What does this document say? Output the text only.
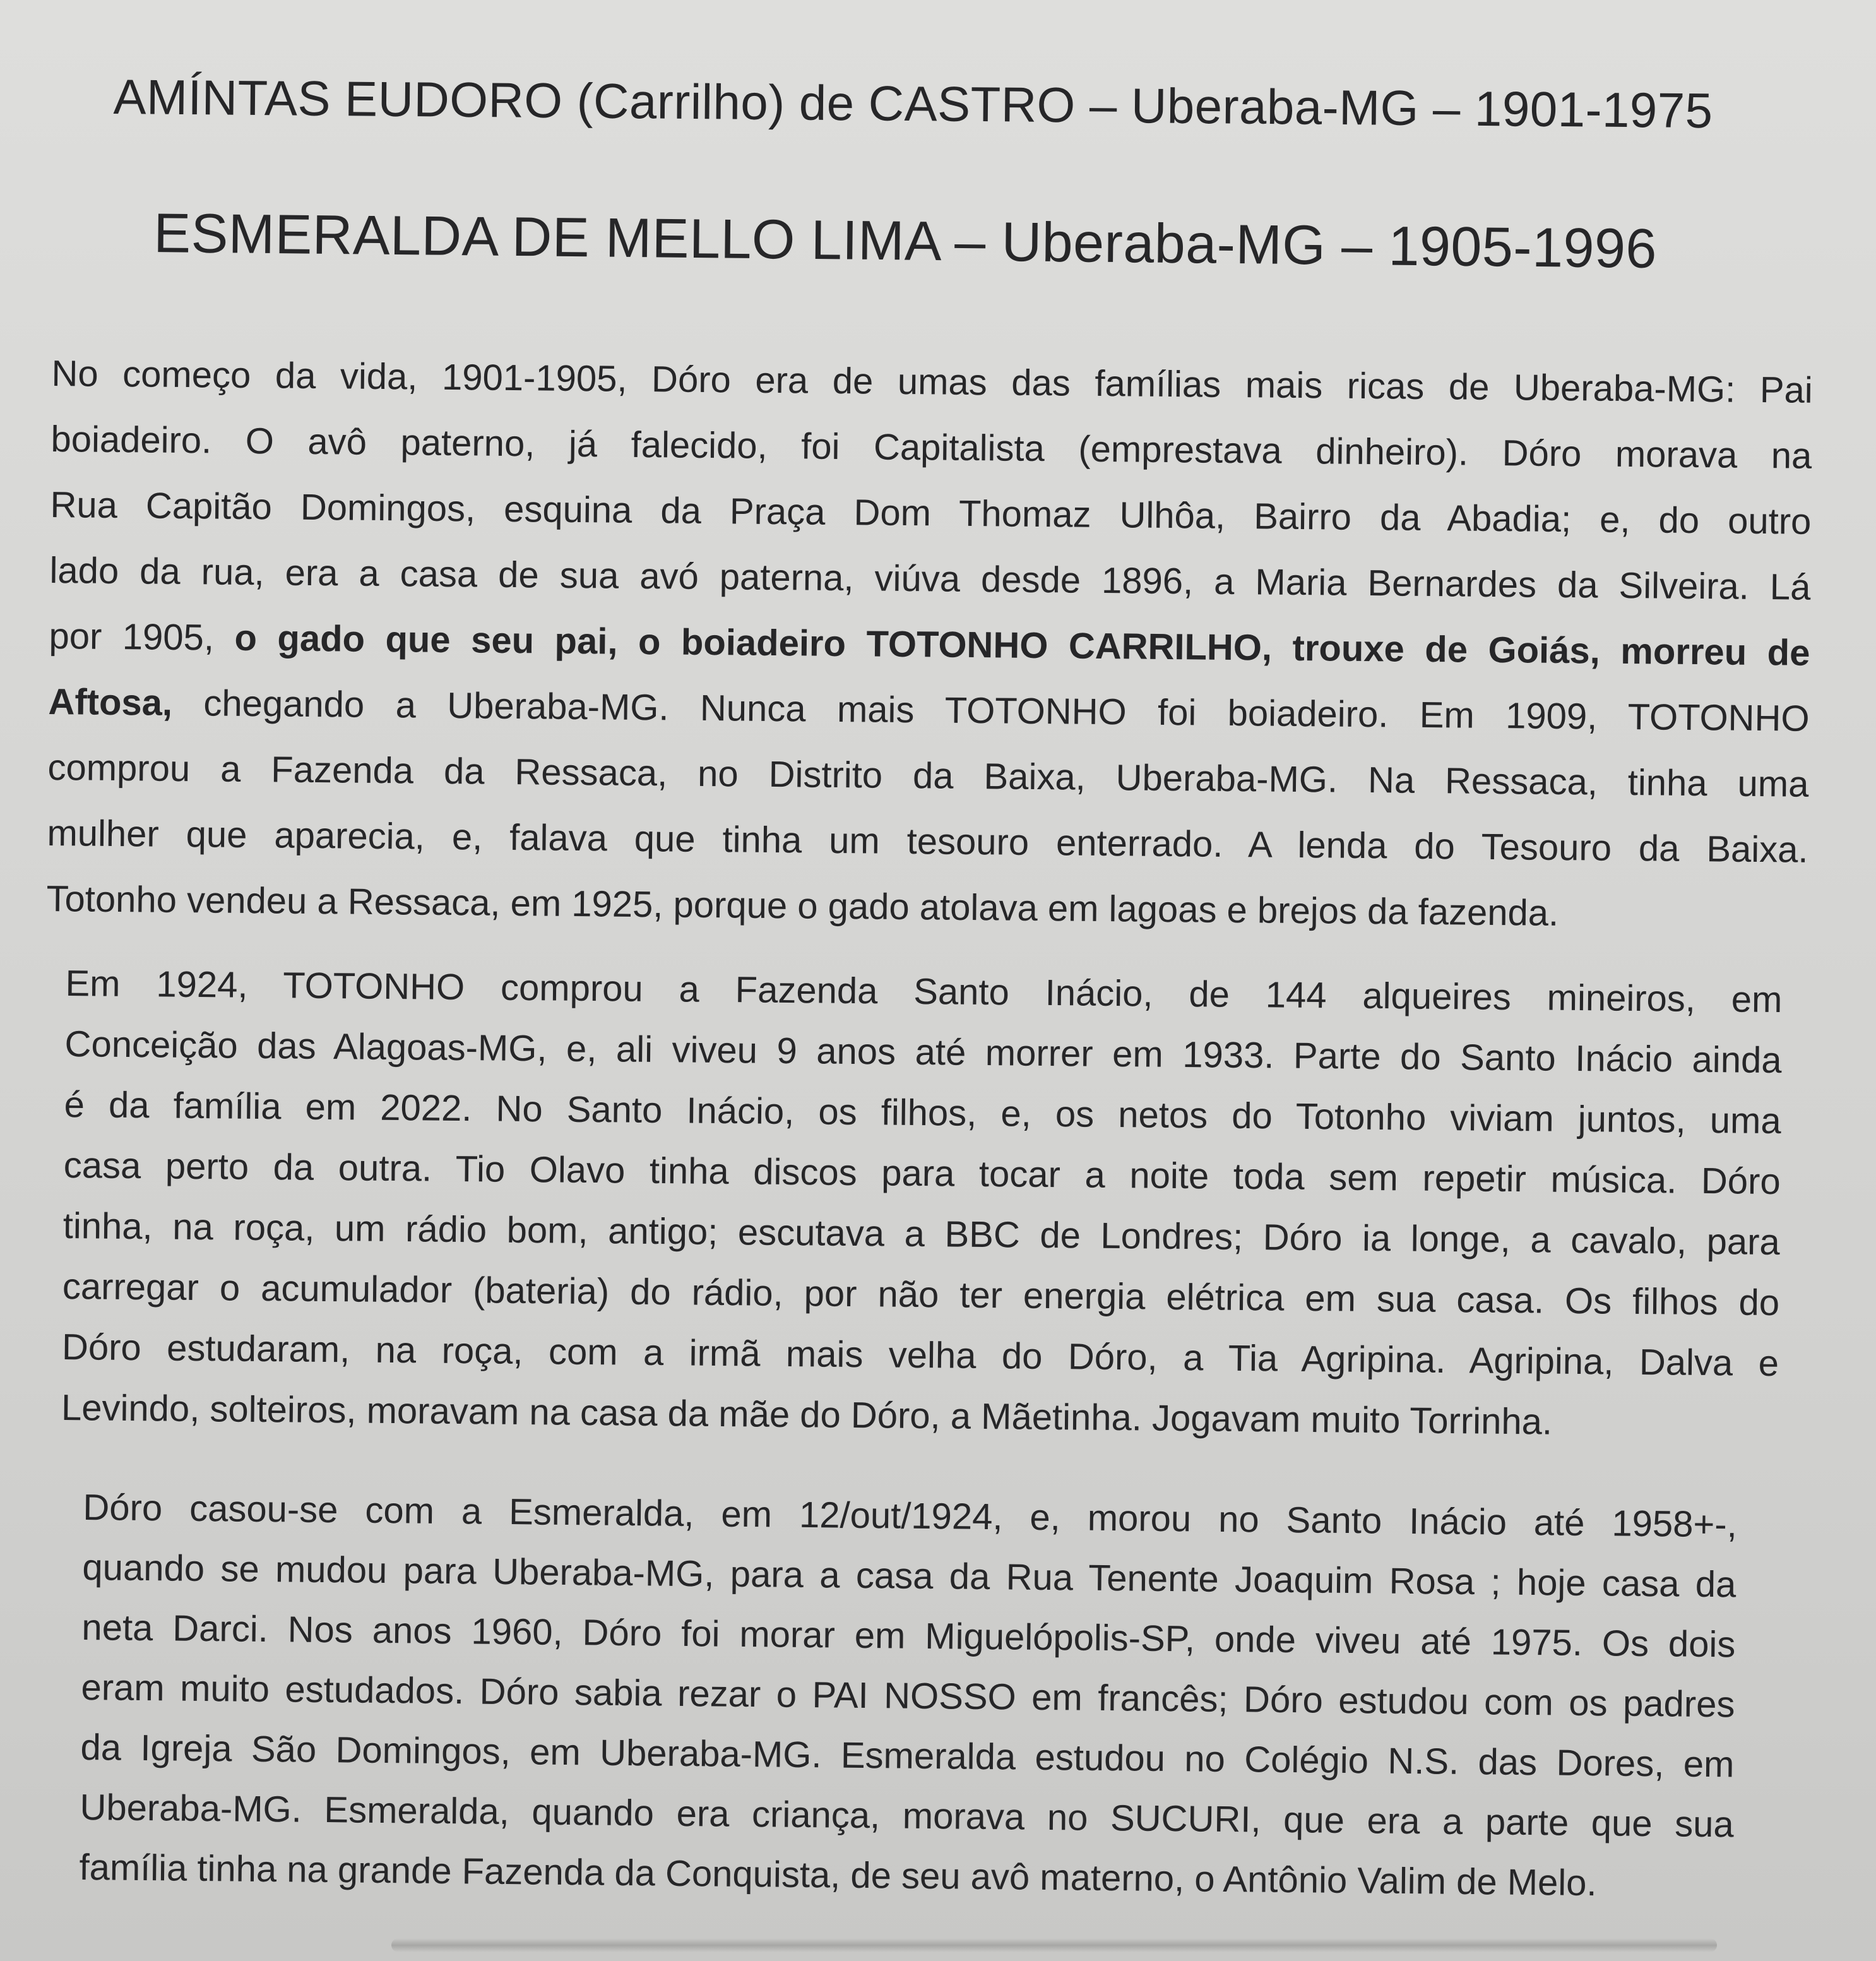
AMÍNTAS EUDORO (Carrilho) de CASTRO – Uberaba-MG – 1901-1975
ESMERALDA DE MELLO LIMA – Uberaba-MG – 1905-1996
No começo da vida, 1901-1905, Dóro era de umas das famílias mais ricas de Uberaba-MG: Pai
boiadeiro. O avô paterno, já falecido, foi Capitalista (emprestava dinheiro). Dóro morava na
Rua Capitão Domingos, esquina da Praça Dom Thomaz Ulhôa, Bairro da Abadia; e, do outro
lado da rua, era a casa de sua avó paterna, viúva desde 1896, a Maria Bernardes da Silveira. Lá
por 1905, o gado que seu pai, o boiadeiro TOTONHO CARRILHO, trouxe de Goiás, morreu de
Aftosa, chegando a Uberaba-MG. Nunca mais TOTONHO foi boiadeiro. Em 1909, TOTONHO
comprou a Fazenda da Ressaca, no Distrito da Baixa, Uberaba-MG. Na Ressaca, tinha uma
mulher que aparecia, e, falava que tinha um tesouro enterrado. A lenda do Tesouro da Baixa.
Totonho vendeu a Ressaca, em 1925, porque o gado atolava em lagoas e brejos da fazenda.
Em 1924, TOTONHO comprou a Fazenda Santo Inácio, de 144 alqueires mineiros, em
Conceição das Alagoas-MG, e, ali viveu 9 anos até morrer em 1933. Parte do Santo Inácio ainda
é da família em 2022. No Santo Inácio, os filhos, e, os netos do Totonho viviam juntos, uma
casa perto da outra. Tio Olavo tinha discos para tocar a noite toda sem repetir música. Dóro
tinha, na roça, um rádio bom, antigo; escutava a BBC de Londres; Dóro ia longe, a cavalo, para
carregar o acumulador (bateria) do rádio, por não ter energia elétrica em sua casa. Os filhos do
Dóro estudaram, na roça, com a irmã mais velha do Dóro, a Tia Agripina. Agripina, Dalva e
Levindo, solteiros, moravam na casa da mãe do Dóro, a Mãetinha. Jogavam muito Torrinha.
Dóro casou-se com a Esmeralda, em 12/out/1924, e, morou no Santo Inácio até 1958+-,
quando se mudou para Uberaba-MG, para a casa da Rua Tenente Joaquim Rosa ; hoje casa da
neta Darci. Nos anos 1960, Dóro foi morar em Miguelópolis-SP, onde viveu até 1975. Os dois
eram muito estudados. Dóro sabia rezar o PAI NOSSO em francês; Dóro estudou com os padres
da Igreja São Domingos, em Uberaba-MG. Esmeralda estudou no Colégio N.S. das Dores, em
Uberaba-MG. Esmeralda, quando era criança, morava no SUCURI, que era a parte que sua
família tinha na grande Fazenda da Conquista, de seu avô materno, o Antônio Valim de Melo.
